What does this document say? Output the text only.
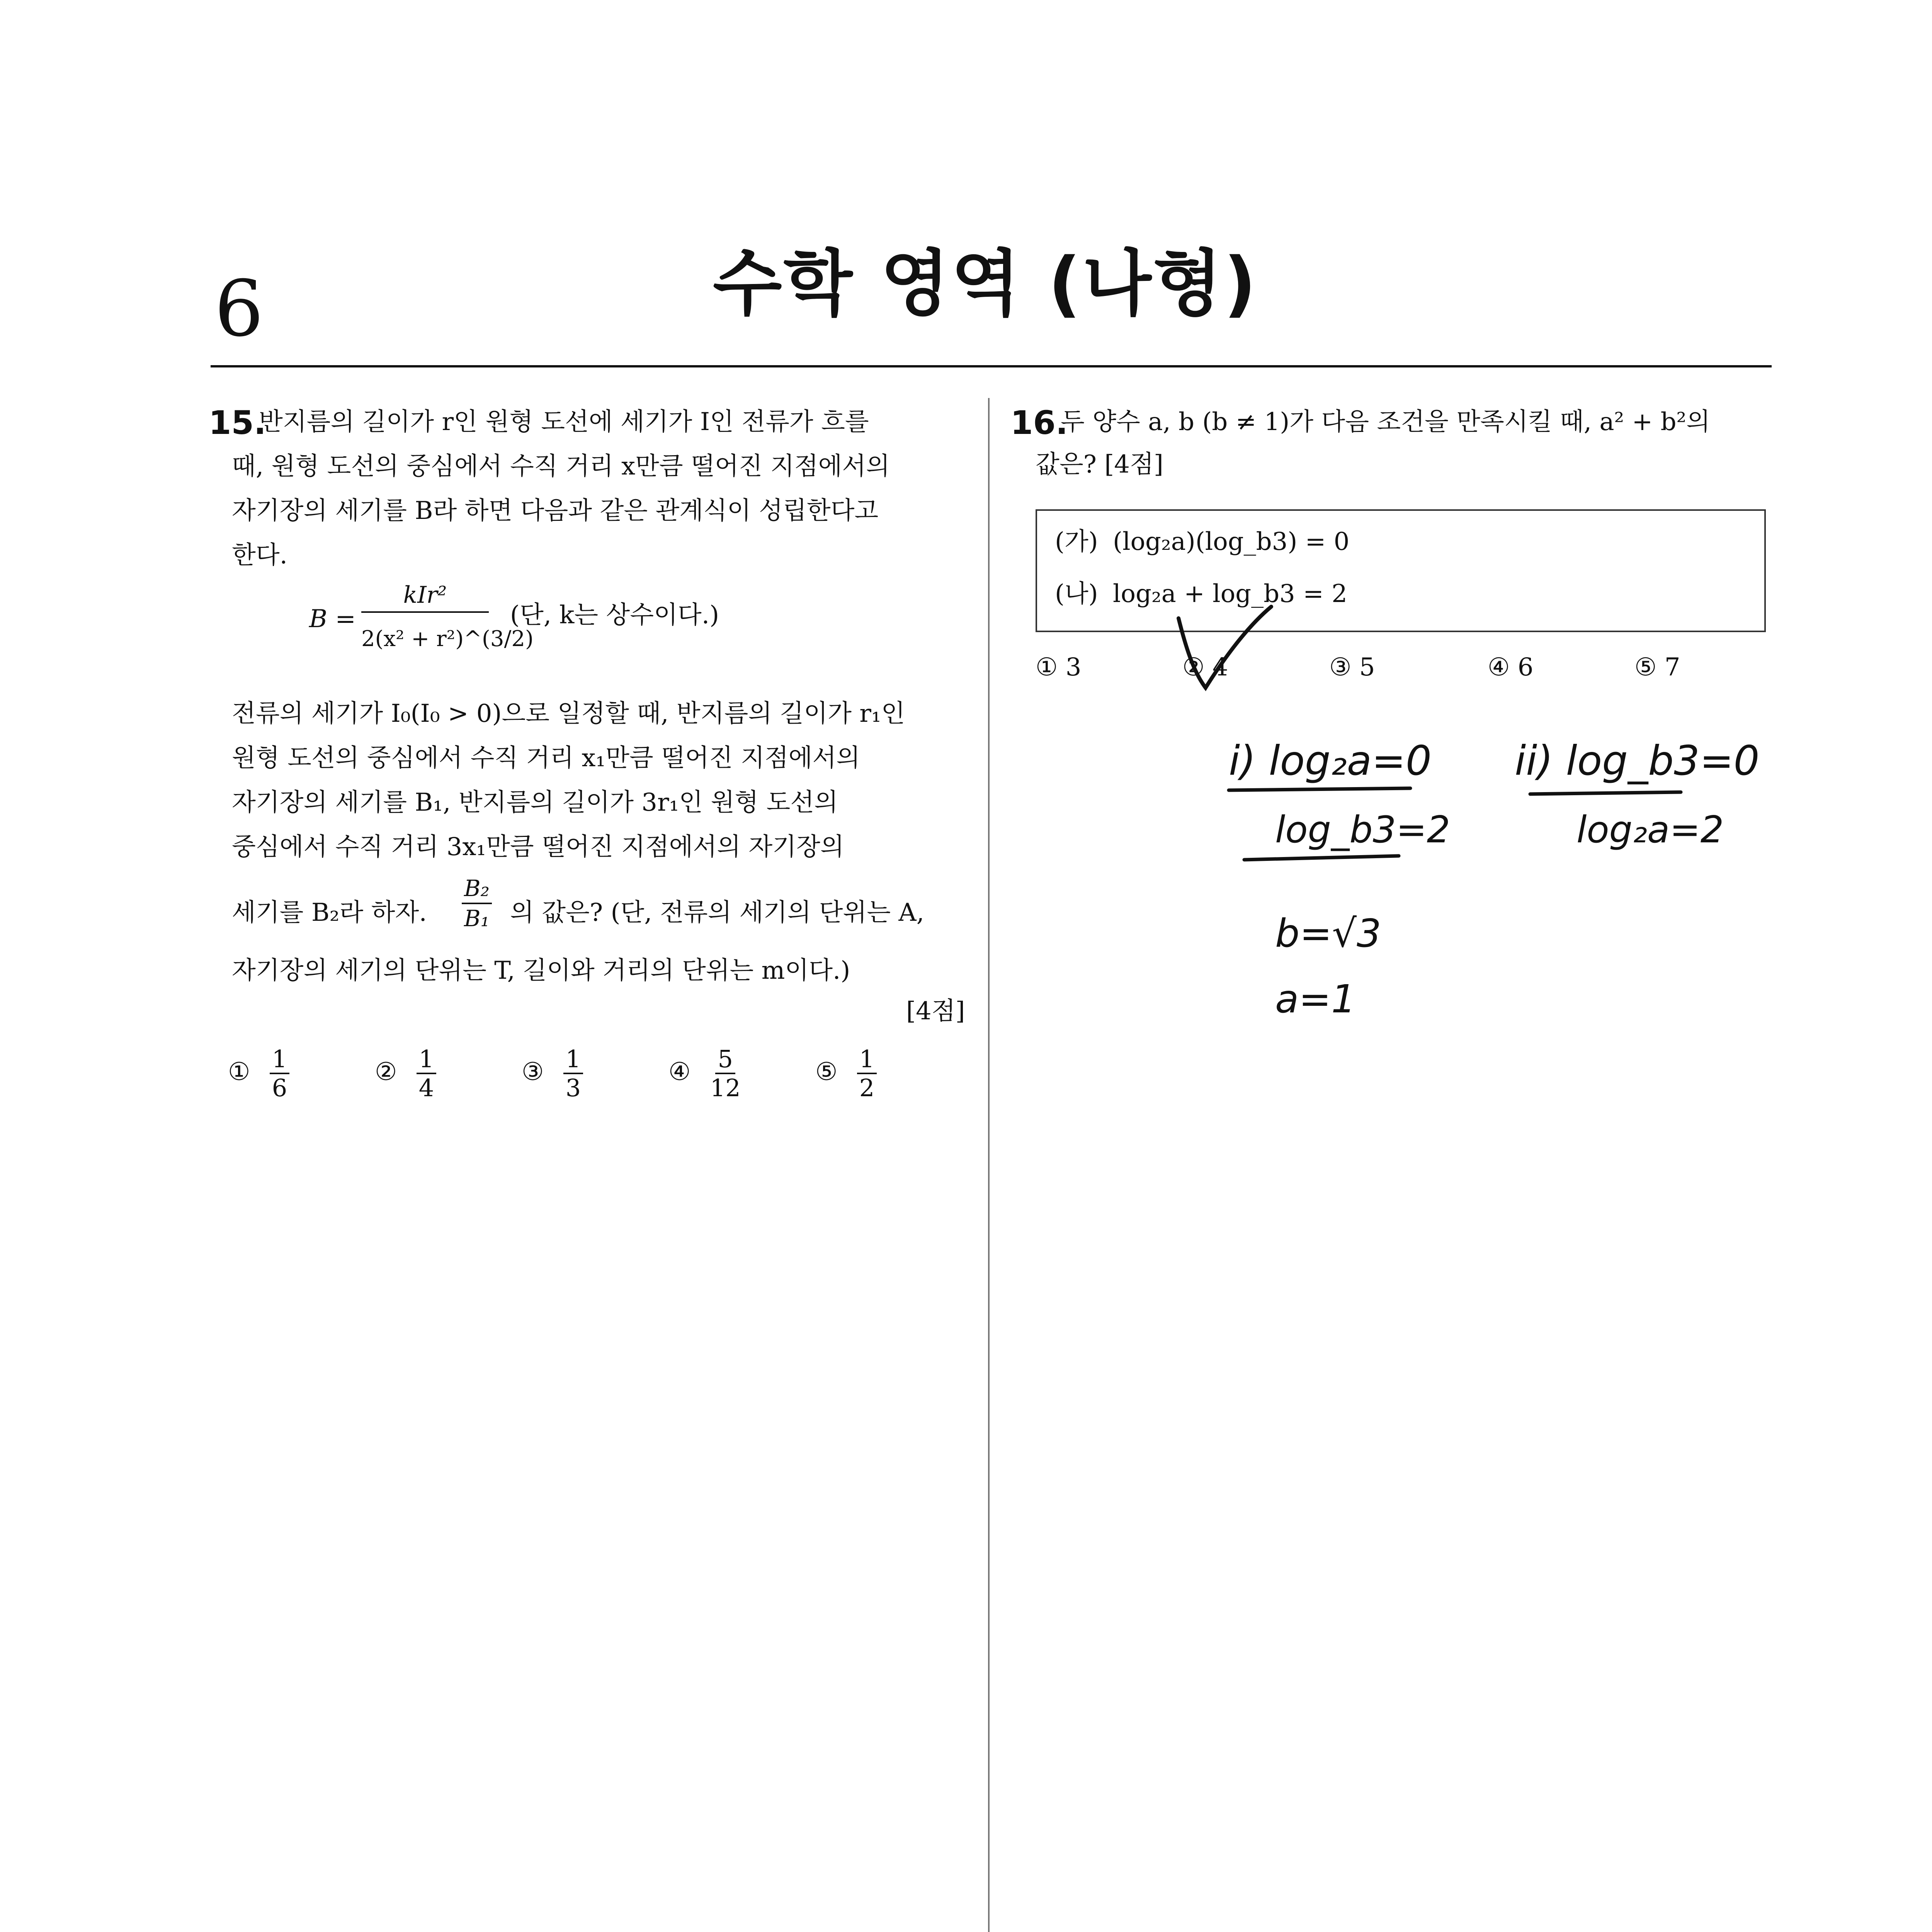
6	수학 영역 (나형)
15.
반지름의 길이가 r인 원형 도선에 세기가 I인 전류가 흐를
때, 원형 도선의 중심에서 수직 거리 x만큼 떨어진 지점에서의
자기장의 세기를 B라 하면 다음과 같은 관계식이 성립한다고
한다.
B =
kIr²
2(x² + r²)^(3/2)
(단, k는 상수이다.)
전류의 세기가 I₀(I₀ > 0)으로 일정할 때, 반지름의 길이가 r₁인
원형 도선의 중심에서 수직 거리 x₁만큼 떨어진 지점에서의
자기장의 세기를 B₁, 반지름의 길이가 3r₁인 원형 도선의
중심에서 수직 거리 3x₁만큼 떨어진 지점에서의 자기장의
세기를 B₂라 하자. $\frac{\text{B₂}}{\text{B₁}}$ 의 값은? (단, 전류의 세기의 단위는 A,
자기장의 세기의 단위는 T, 길이와 거리의 단위는 m이다.)
[4점]
① $\frac{1}{6}$	② $\frac{1}{4}$	③ $\frac{1}{3}$	④ $\frac{5}{12}$	⑤ $\frac{1}{2}$
16.
두 양수 a, b (b ≠ 1)가 다음 조건을 만족시킬 때, a² + b²의
값은? [4점]
(가) (log₂a)(log_b3) = 0
(나) log₂a + log_b3 = 2
① 3	② 4	③ 5	④ 6	⑤ 7
i) log₂a=0
log_b3=2
b=√3
a=1
ii) log_b3=0
log₂a=2
